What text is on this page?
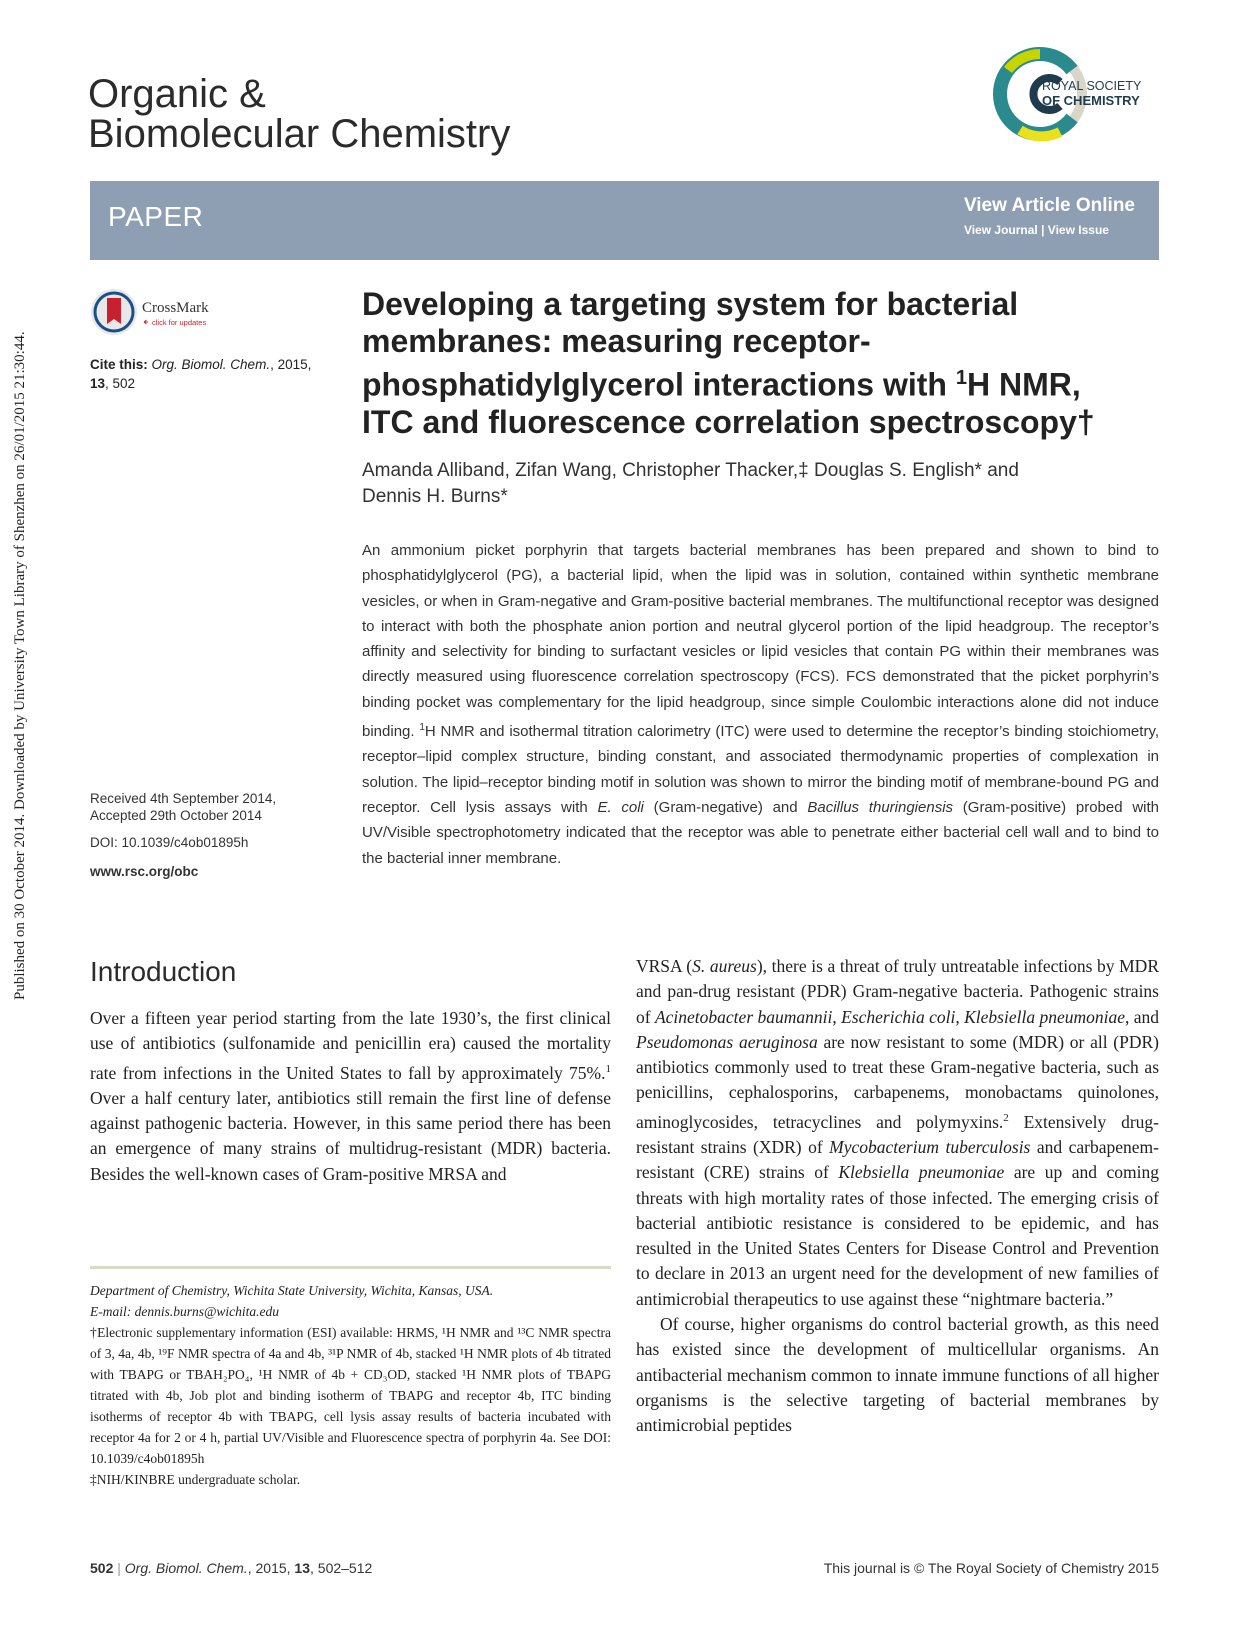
Published on 30 October 2014. Downloaded by University Town Library of Shenzhen on 26/01/2015 21:30:44.
Organic &
Biomolecular Chemistry
ROYAL SOCIETY
OF CHEMISTRY
PAPER	View Article Online
View Journal | View Issue
CrossMark
click for updates
Cite this: Org. Biomol. Chem., 2015,
13, 502
Received 4th September 2014,
Accepted 29th October 2014
DOI: 10.1039/c4ob01895h
www.rsc.org/obc
Developing a targeting system for bacterial
membranes: measuring receptor-
phosphatidylglycerol interactions with $^1$H NMR,
ITC and fluorescence correlation spectroscopy†
Amanda Alliband, Zifan Wang, Christopher Thacker,‡ Douglas S. English* and
Dennis H. Burns*
An ammonium picket porphyrin that targets bacterial membranes has been prepared and shown to bind to phosphatidylglycerol (PG), a bacterial lipid, when the lipid was in solution, contained within synthetic membrane vesicles, or when in Gram-negative and Gram-positive bacterial membranes. The multifunctional receptor was designed to interact with both the phosphate anion portion and neutral glycerol portion of the lipid headgroup. The receptor’s affinity and selectivity for binding to surfactant vesicles or lipid vesicles that contain PG within their membranes was directly measured using fluorescence correlation spectroscopy (FCS). FCS demonstrated that the picket porphyrin’s binding pocket was complementary for the lipid headgroup, since simple Coulombic interactions alone did not induce binding. $^1$H NMR and isothermal titration calorimetry (ITC) were used to determine the receptor’s binding stoichiometry, receptor–lipid complex structure, binding constant, and associated thermodynamic properties of complexation in solution. The lipid–receptor binding motif in solution was shown to mirror the binding motif of membrane-bound PG and receptor. Cell lysis assays with E. coli (Gram-negative) and Bacillus thuringiensis (Gram-positive) probed with UV/Visible spectrophotometry indicated that the receptor was able to penetrate either bacterial cell wall and to bind to the bacterial inner membrane.
Introduction

Over a fifteen year period starting from the late 1930’s, the first clinical use of antibiotics (sulfonamide and penicillin era) caused the mortality rate from infections in the United States to fall by approximately 75%.$^1$ Over a half century later, antibiotics still remain the first line of defense against pathogenic bacteria. However, in this same period there has been an emergence of many strains of multidrug-resistant (MDR) bacteria. Besides the well-known cases of Gram-positive MRSA and

Department of Chemistry, Wichita State University, Wichita, Kansas, USA.

E-mail: dennis.burns@wichita.edu

†Electronic supplementary information (ESI) available: HRMS, ¹H NMR and ¹³C NMR spectra of 3, 4a, 4b, ¹⁹F NMR spectra of 4a and 4b, ³¹P NMR of 4b, stacked ¹H NMR plots of 4b titrated with TBAPG or TBAH₂PO₄, ¹H NMR of 4b + CD₃OD, stacked ¹H NMR plots of TBAPG titrated with 4b, Job plot and binding isotherm of TBAPG and receptor 4b, ITC binding isotherms of receptor 4b with TBAPG, cell lysis assay results of bacteria incubated with receptor 4a for 2 or 4 h, partial UV/Visible and Fluorescence spectra of porphyrin 4a. See DOI: 10.1039/c4ob01895h

‡NIH/KINBRE undergraduate scholar.

VRSA (S. aureus), there is a threat of truly untreatable infections by MDR and pan-drug resistant (PDR) Gram-negative bacteria. Pathogenic strains of Acinetobacter baumannii, Escherichia coli, Klebsiella pneumoniae, and Pseudomonas aeruginosa are now resistant to some (MDR) or all (PDR) antibiotics commonly used to treat these Gram-negative bacteria, such as penicillins, cephalosporins, carbapenems, monobactams quinolones, aminoglycosides, tetracyclines and polymyxins.$^2$ Extensively drug-resistant strains (XDR) of Mycobacterium tuberculosis and carbapenem-resistant (CRE) strains of Klebsiella pneumoniae are up and coming threats with high mortality rates of those infected. The emerging crisis of bacterial antibiotic resistance is considered to be epidemic, and has resulted in the United States Centers for Disease Control and Prevention to declare in 2013 an urgent need for the development of new families of antimicrobial therapeutics to use against these “nightmare bacteria.”

Of course, higher organisms do control bacterial growth, as this need has existed since the development of multicellular organisms. An antibacterial mechanism common to innate immune functions of all higher organisms is the selective targeting of bacterial membranes by antimicrobial peptides

502 | Org. Biomol. Chem., 2015, 13, 502–512	This journal is © The Royal Society of Chemistry 2015
